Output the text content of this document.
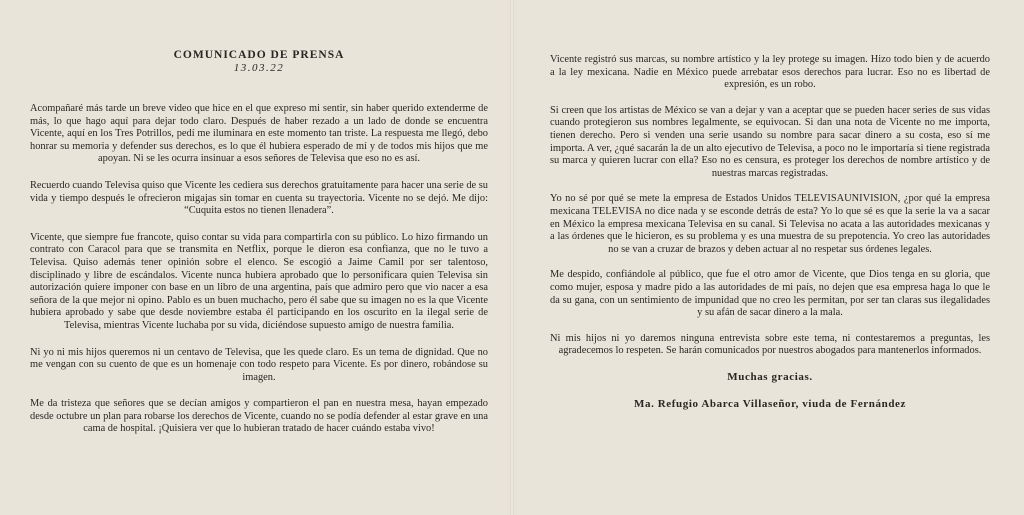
COMUNICADO DE PRENSA
13.03.22

Acompañaré más tarde un breve video que hice en el que expreso mi sentir, sin haber querido extenderme de más, lo que hago aquí para dejar todo claro. Después de haber rezado a un lado de donde se encuentra Vicente, aquí en los Tres Potrillos, pedí me iluminara en este momento tan triste. La respuesta me llegó, debo honrar su memoria y defender sus derechos, es lo que él hubiera esperado de mí y de todos mis hijos que me apoyan. Ni se les ocurra insinuar a esos señores de Televisa que eso no es así.

Recuerdo cuando Televisa quiso que Vicente les cediera sus derechos gratuitamente para hacer una serie de su vida y tiempo después le ofrecieron migajas sin tomar en cuenta su trayectoria. Vicente no se dejó. Me dijo: “Cuquita estos no tienen llenadera”.

Vicente, que siempre fue francote, quiso contar su vida para compartirla con su público. Lo hizo firmando un contrato con Caracol para que se transmita en Netflix, porque le dieron esa confianza, que no le tuvo a Televisa. Quiso además tener opinión sobre el elenco. Se escogió a Jaime Camil por ser talentoso, disciplinado y libre de escándalos. Vicente nunca hubiera aprobado que lo personificara quien Televisa sin autorización quiere imponer con base en un libro de una argentina, país que admiro pero que vio nacer a esa señora de la que mejor ni opino. Pablo es un buen muchacho, pero él sabe que su imagen no es la que Vicente hubiera aprobado y sabe que desde noviembre estaba él participando en los oscurito en la ilegal serie de Televisa, mientras Vicente luchaba por su vida, diciéndose supuesto amigo de nuestra familia.

Ni yo ni mis hijos queremos ni un centavo de Televisa, que les quede claro. Es un tema de dignidad. Que no me vengan con su cuento de que es un homenaje con todo respeto para Vicente. Es por dinero, robándose su imagen.

Me da tristeza que señores que se decían amigos y compartieron el pan en nuestra mesa, hayan empezado desde octubre un plan para robarse los derechos de Vicente, cuando no se podía defender al estar grave en una cama de hospital. ¡Quisiera ver que lo hubieran tratado de hacer cuándo estaba vivo!

Vicente registró sus marcas, su nombre artístico y la ley protege su imagen. Hizo todo bien y de acuerdo a la ley mexicana. Nadie en México puede arrebatar esos derechos para lucrar. Eso no es libertad de expresión, es un robo.

Si creen que los artistas de México se van a dejar y van a aceptar que se pueden hacer series de sus vidas cuando protegieron sus nombres legalmente, se equivocan. Si dan una nota de Vicente no me importa, tienen derecho. Pero si venden una serie usando su nombre para sacar dinero a su costa, eso sí me importa. A ver, ¿qué sacarán la de un alto ejecutivo de Televisa, a poco no le importaría si tiene registrada su marca y quieren lucrar con ella? Eso no es censura, es proteger los derechos de nombre artístico y de nuestras marcas registradas.

Yo no sé por qué se mete la empresa de Estados Unidos TELEVISAUNIVISION, ¿por qué la empresa mexicana TELEVISA no dice nada y se esconde detrás de esta? Yo lo que sé es que la serie la va a sacar en México la empresa mexicana Televisa en su canal. Si Televisa no acata a las autoridades mexicanas y a las órdenes que le hicieron, es su problema y es una muestra de su prepotencia. Yo creo las autoridades no se van a cruzar de brazos y deben actuar al no respetar sus órdenes legales.

Me despido, confiándole al público, que fue el otro amor de Vicente, que Dios tenga en su gloria, que como mujer, esposa y madre pido a las autoridades de mi país, no dejen que esa empresa haga lo que le da su gana, con un sentimiento de impunidad que no creo les permitan, por ser tan claras sus ilegalidades y su afán de sacar dinero a la mala.

Ni mis hijos ni yo daremos ninguna entrevista sobre este tema, ni contestaremos a preguntas, les agradecemos lo respeten. Se harán comunicados por nuestros abogados para mantenerlos informados.

Muchas gracias.
Ma. Refugio Abarca Villaseñor, viuda de Fernández
